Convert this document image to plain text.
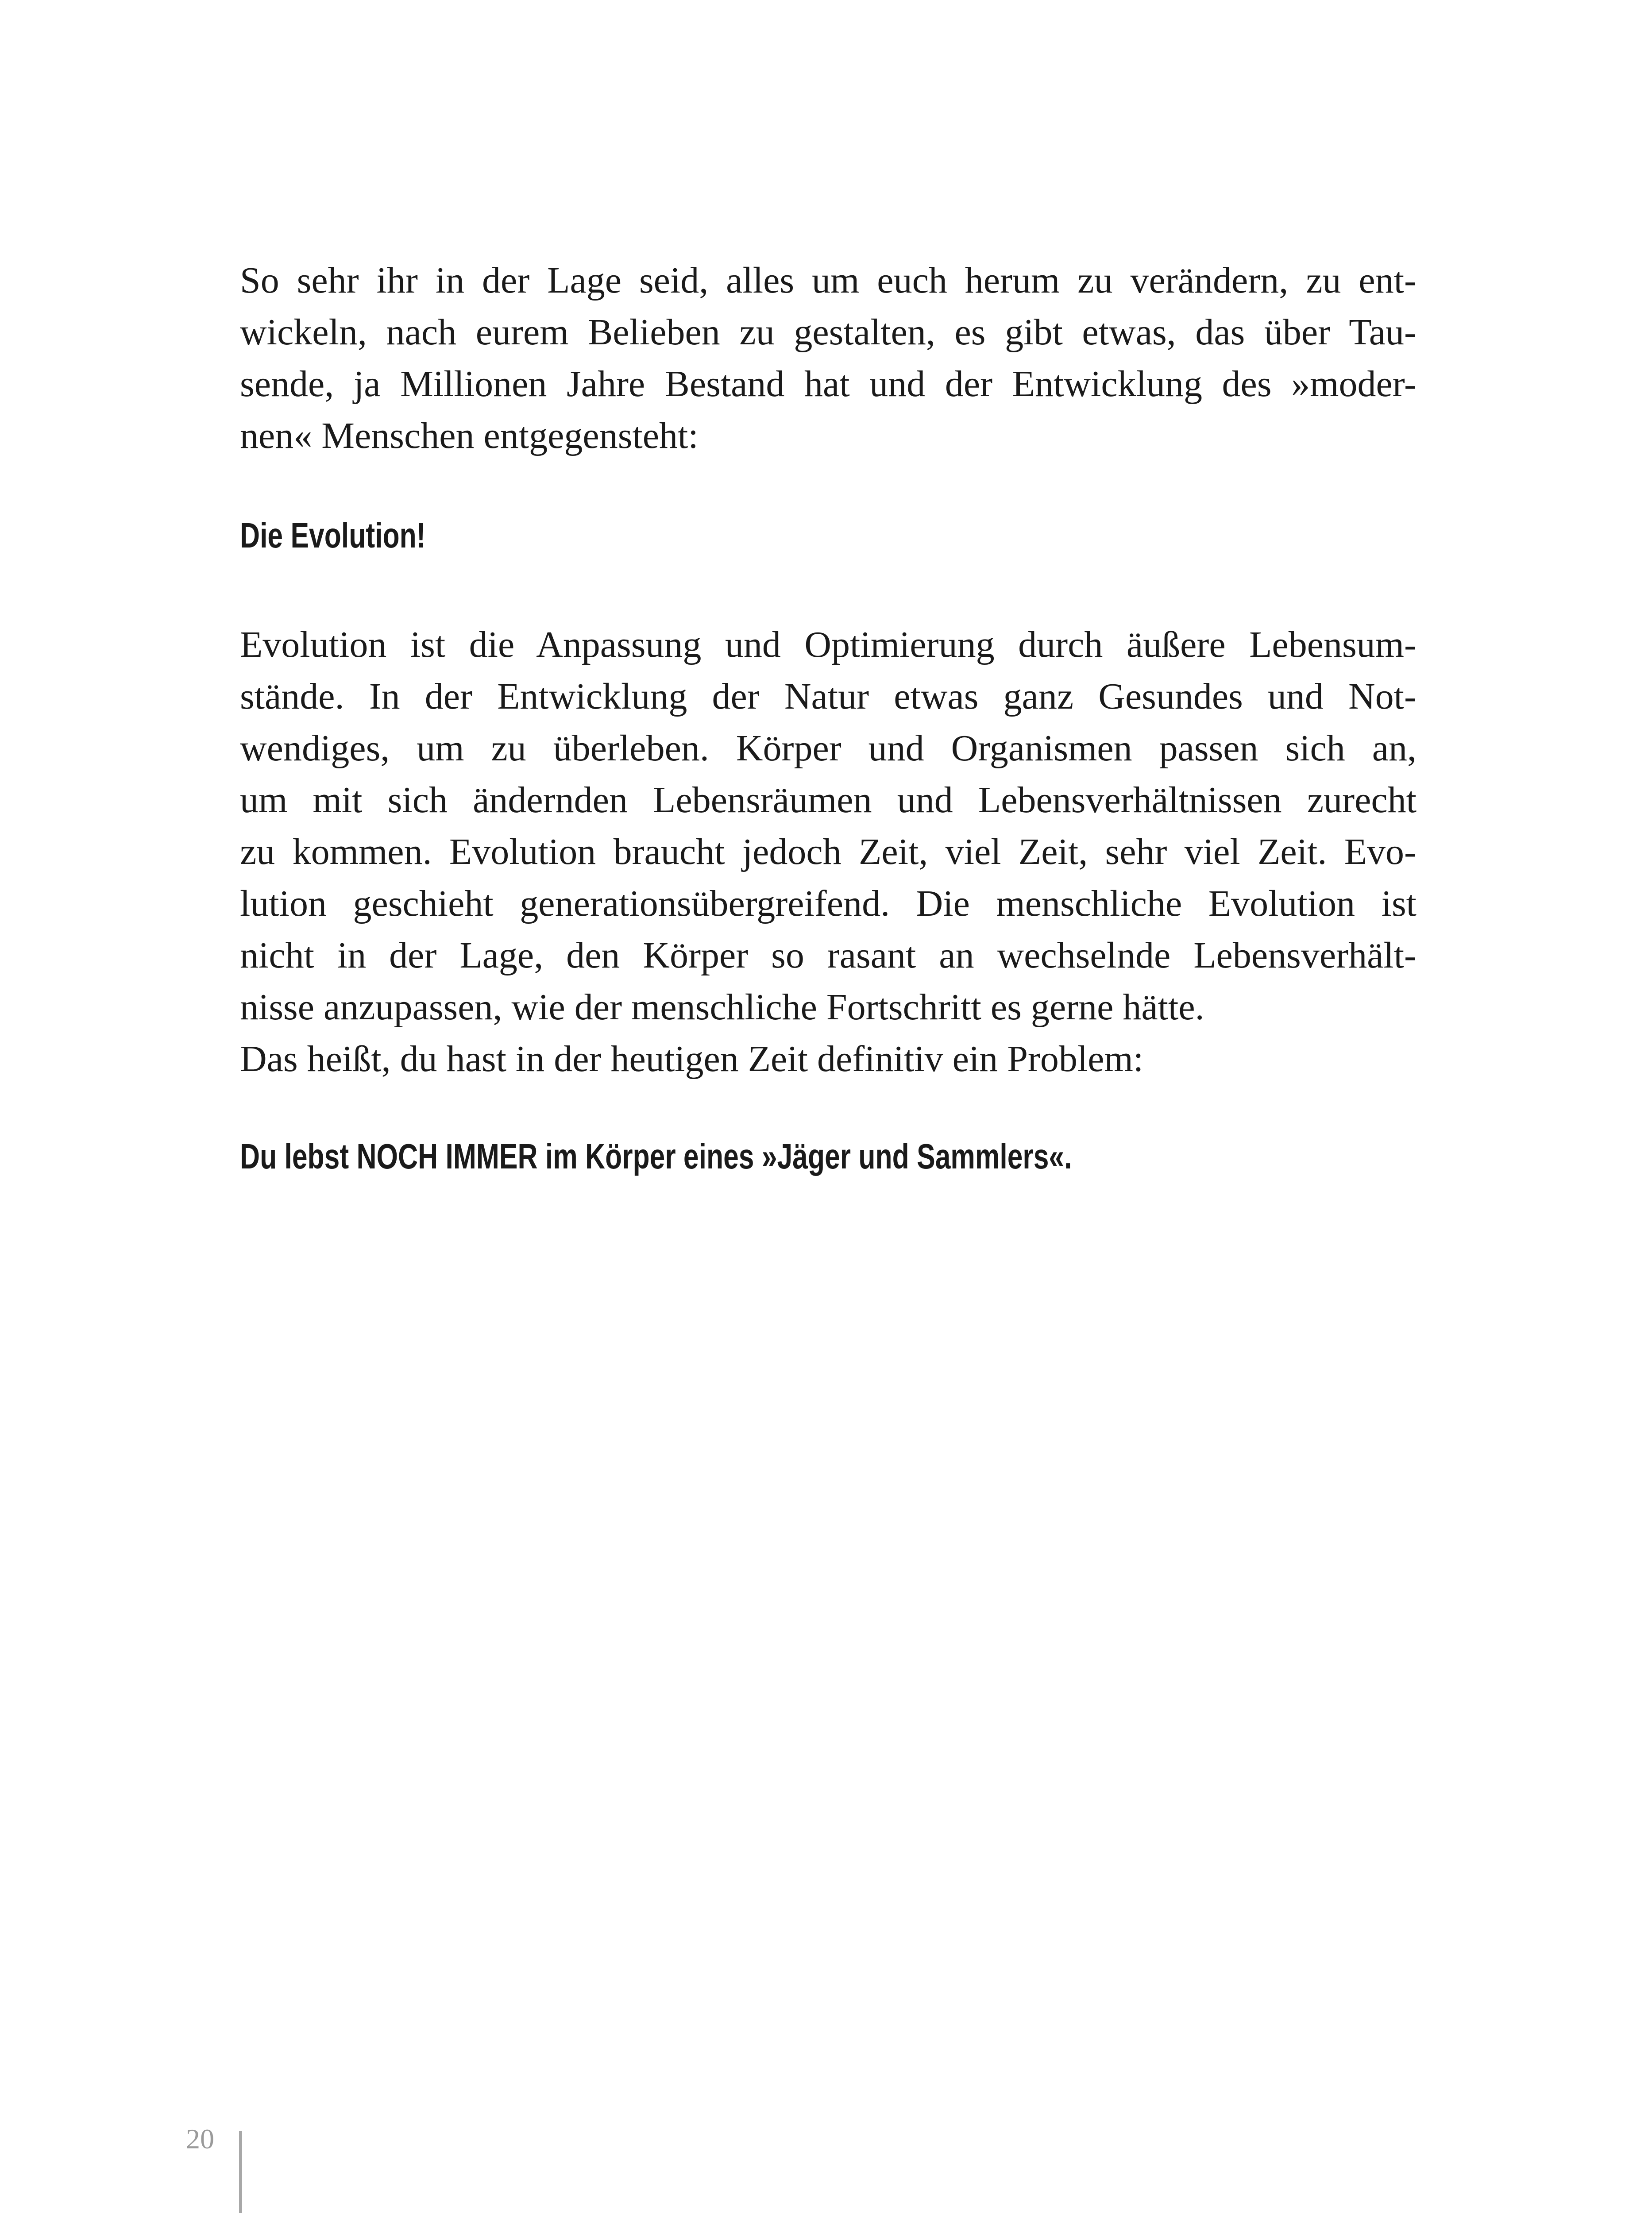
So sehr ihr in der Lage seid, alles um euch herum zu verändern, zu ent-
wickeln, nach eurem Belieben zu gestalten, es gibt etwas, das über Tau-
sende, ja Millionen Jahre Bestand hat und der Entwicklung des »moder-
nen« Menschen entgegensteht:
Die Evolution!
Evolution ist die Anpassung und Optimierung durch äußere Lebensum-
stände. In der Entwicklung der Natur etwas ganz Gesundes und Not-
wendiges, um zu überleben. Körper und Organismen passen sich an,
um mit sich ändernden Lebensräumen und Lebensverhältnissen zurecht
zu kommen. Evolution braucht jedoch Zeit, viel Zeit, sehr viel Zeit. Evo-
lution geschieht generationsübergreifend. Die menschliche Evolution ist
nicht in der Lage, den Körper so rasant an wechselnde Lebensverhält-
nisse anzupassen, wie der menschliche Fortschritt es gerne hätte.
Das heißt, du hast in der heutigen Zeit definitiv ein Problem:
Du lebst NOCH IMMER im Körper eines »Jäger und Sammlers«.
20
